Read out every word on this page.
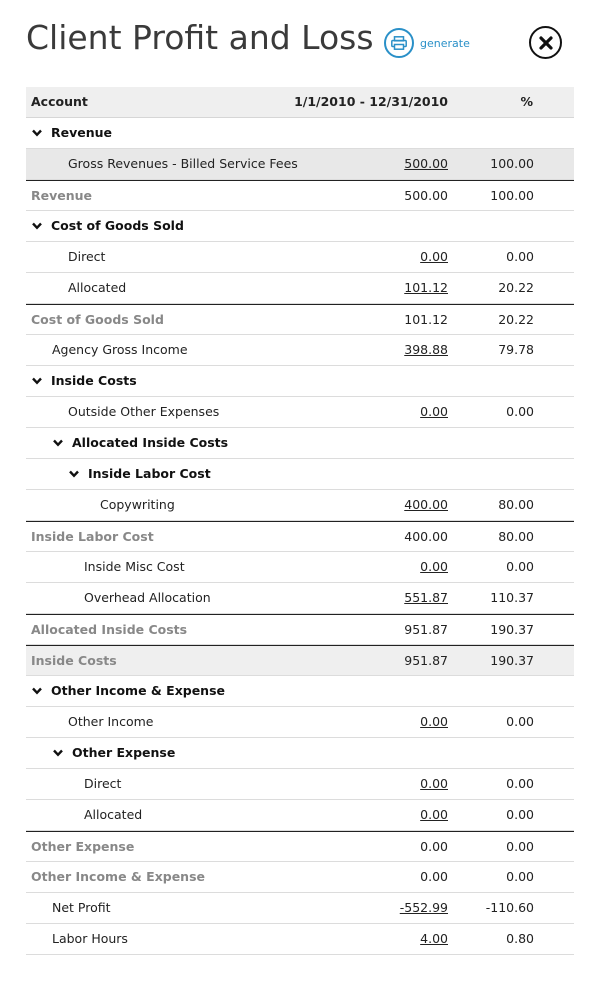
Client Profit and Loss	generate
Account	1/1/2010 - 12/31/2010	%
Revenue
Gross Revenues - Billed Service Fees	500.00	100.00
Revenue	500.00	100.00
Cost of Goods Sold
Direct	0.00	0.00
Allocated	101.12	20.22
Cost of Goods Sold	101.12	20.22
Agency Gross Income	398.88	79.78
Inside Costs
Outside Other Expenses	0.00	0.00
Allocated Inside Costs
Inside Labor Cost
Copywriting	400.00	80.00
Inside Labor Cost	400.00	80.00
Inside Misc Cost	0.00	0.00
Overhead Allocation	551.87	110.37
Allocated Inside Costs	951.87	190.37
Inside Costs	951.87	190.37
Other Income & Expense
Other Income	0.00	0.00
Other Expense
Direct	0.00	0.00
Allocated	0.00	0.00
Other Expense	0.00	0.00
Other Income & Expense	0.00	0.00
Net Profit	-552.99	-110.60
Labor Hours	4.00	0.80
